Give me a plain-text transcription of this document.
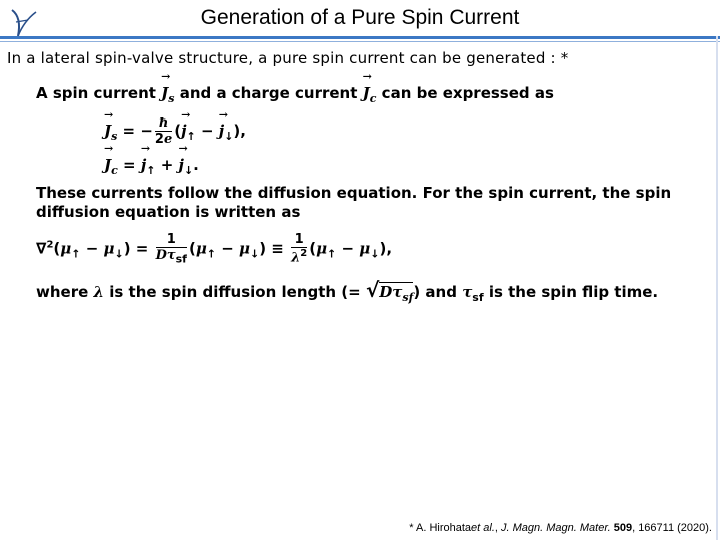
Generation of a Pure Spin Current
In a lateral spin-valve structure, a pure spin current can be generated : *
A spin current → $J_s$ and a charge current → $J_c$ can be expressed as
→ $J_s$ = − $\frac{ħ}{2e}$ (→ $j_↑$ − → $j_↓$),
→ $J_c$ = → $j_↑$ + → $j_↓$.
These currents follow the diffusion equation. For the spin current, the spin
diffusion equation is written as
$\nabla^2(\mu_↑ - \mu_↓) = \frac{1}{D\tau_{sf}} (\mu_↑ - \mu_↓) \equiv \frac{1}{\lambda^2} (\mu_↑ - \mu_↓)$,
where λ is the spin diffusion length (= $√D\tau_{sf}$) and $\tau_{sf}$ is the spin flip time.
* A. Hirohataet al., J. Magn. Magn. Mater. 509, 166711 (2020).
